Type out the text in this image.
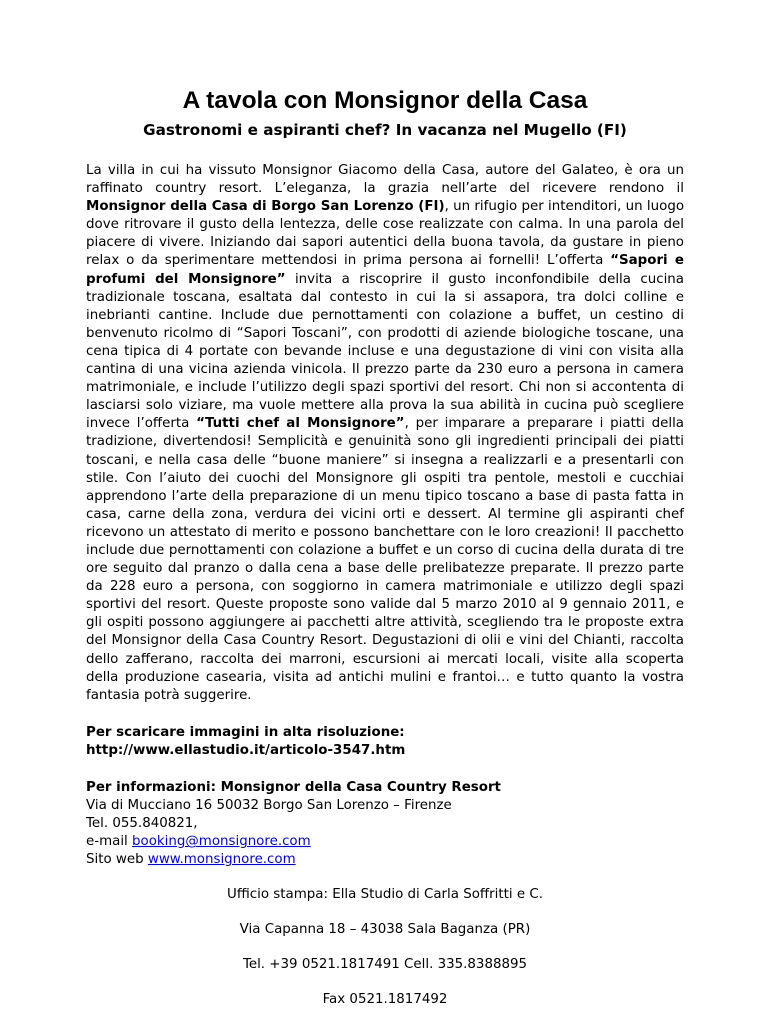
A tavola con Monsignor della Casa
Gastronomi e aspiranti chef? In vacanza nel Mugello (FI)

La villa in cui ha vissuto Monsignor Giacomo della Casa, autore del Galateo, è ora un raffinato country resort. L’eleganza, la grazia nell’arte del ricevere rendono il Monsignor della Casa di Borgo San Lorenzo (FI), un rifugio per intenditori, un luogo dove ritrovare il gusto della lentezza, delle cose realizzate con calma. In una parola del piacere di vivere. Iniziando dai sapori autentici della buona tavola, da gustare in pieno relax o da sperimentare mettendosi in prima persona ai fornelli! L’offerta “Sapori e profumi del Monsignore” invita a riscoprire il gusto inconfondibile della cucina tradizionale toscana, esaltata dal contesto in cui la si assapora, tra dolci colline e inebrianti cantine. Include due pernottamenti con colazione a buffet, un cestino di benvenuto ricolmo di “Sapori Toscani”, con prodotti di aziende biologiche toscane, una cena tipica di 4 portate con bevande incluse e una degustazione di vini con visita alla cantina di una vicina azienda vinicola. Il prezzo parte da 230 euro a persona in camera matrimoniale, e include l’utilizzo degli spazi sportivi del resort. Chi non si accontenta di lasciarsi solo viziare, ma vuole mettere alla prova la sua abilità in cucina può scegliere invece l’offerta “Tutti chef al Monsignore”, per imparare a preparare i piatti della tradizione, divertendosi! Semplicità e genuinità sono gli ingredienti principali dei piatti toscani, e nella casa delle “buone maniere” si insegna a realizzarli e a presentarli con stile. Con l’aiuto dei cuochi del Monsignore gli ospiti tra pentole, mestoli e cucchiai apprendono l’arte della preparazione di un menu tipico toscano a base di pasta fatta in casa, carne della zona, verdura dei vicini orti e dessert. Al termine gli aspiranti chef ricevono un attestato di merito e possono banchettare con le loro creazioni! Il pacchetto include due pernottamenti con colazione a buffet e un corso di cucina della durata di tre ore seguito dal pranzo o dalla cena a base delle prelibatezze preparate. Il prezzo parte da 228 euro a persona, con soggiorno in camera matrimoniale e utilizzo degli spazi sportivi del resort. Queste proposte sono valide dal 5 marzo 2010 al 9 gennaio 2011, e gli ospiti possono aggiungere ai pacchetti altre attività, scegliendo tra le proposte extra del Monsignor della Casa Country Resort. Degustazioni di olii e vini del Chianti, raccolta dello zafferano, raccolta dei marroni, escursioni ai mercati locali, visite alla scoperta della produzione casearia, visita ad antichi mulini e frantoi… e tutto quanto la vostra fantasia potrà suggerire.

Per scaricare immagini in alta risoluzione:
http://www.ellastudio.it/articolo-3547.htm
Per informazioni: Monsignor della Casa Country Resort
Via di Mucciano 16 50032 Borgo San Lorenzo – Firenze
Tel. 055.840821,
e-mail booking@monsignore.com
Sito web www.monsignore.com

Ufficio stampa: Ella Studio di Carla Soffritti e C.

Via Capanna 18 – 43038 Sala Baganza (PR)

Tel. +39 0521.1817491 Cell. 335.8388895

Fax 0521.1817492
